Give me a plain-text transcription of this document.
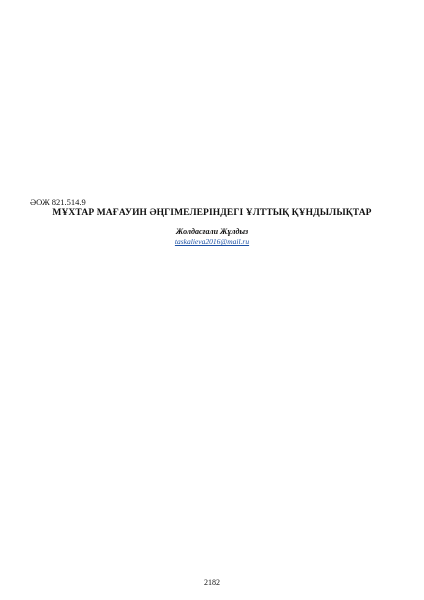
ӘОЖ 821.514.9
МҰХТАР МАҒАУИН ӘҢГІМЕЛЕРІНДЕГІ ҰЛТТЫҚ ҚҰНДЫЛЫҚТАР
Жолдасғали Жұлдыз
taskalieva2016@mail.ru
2182
